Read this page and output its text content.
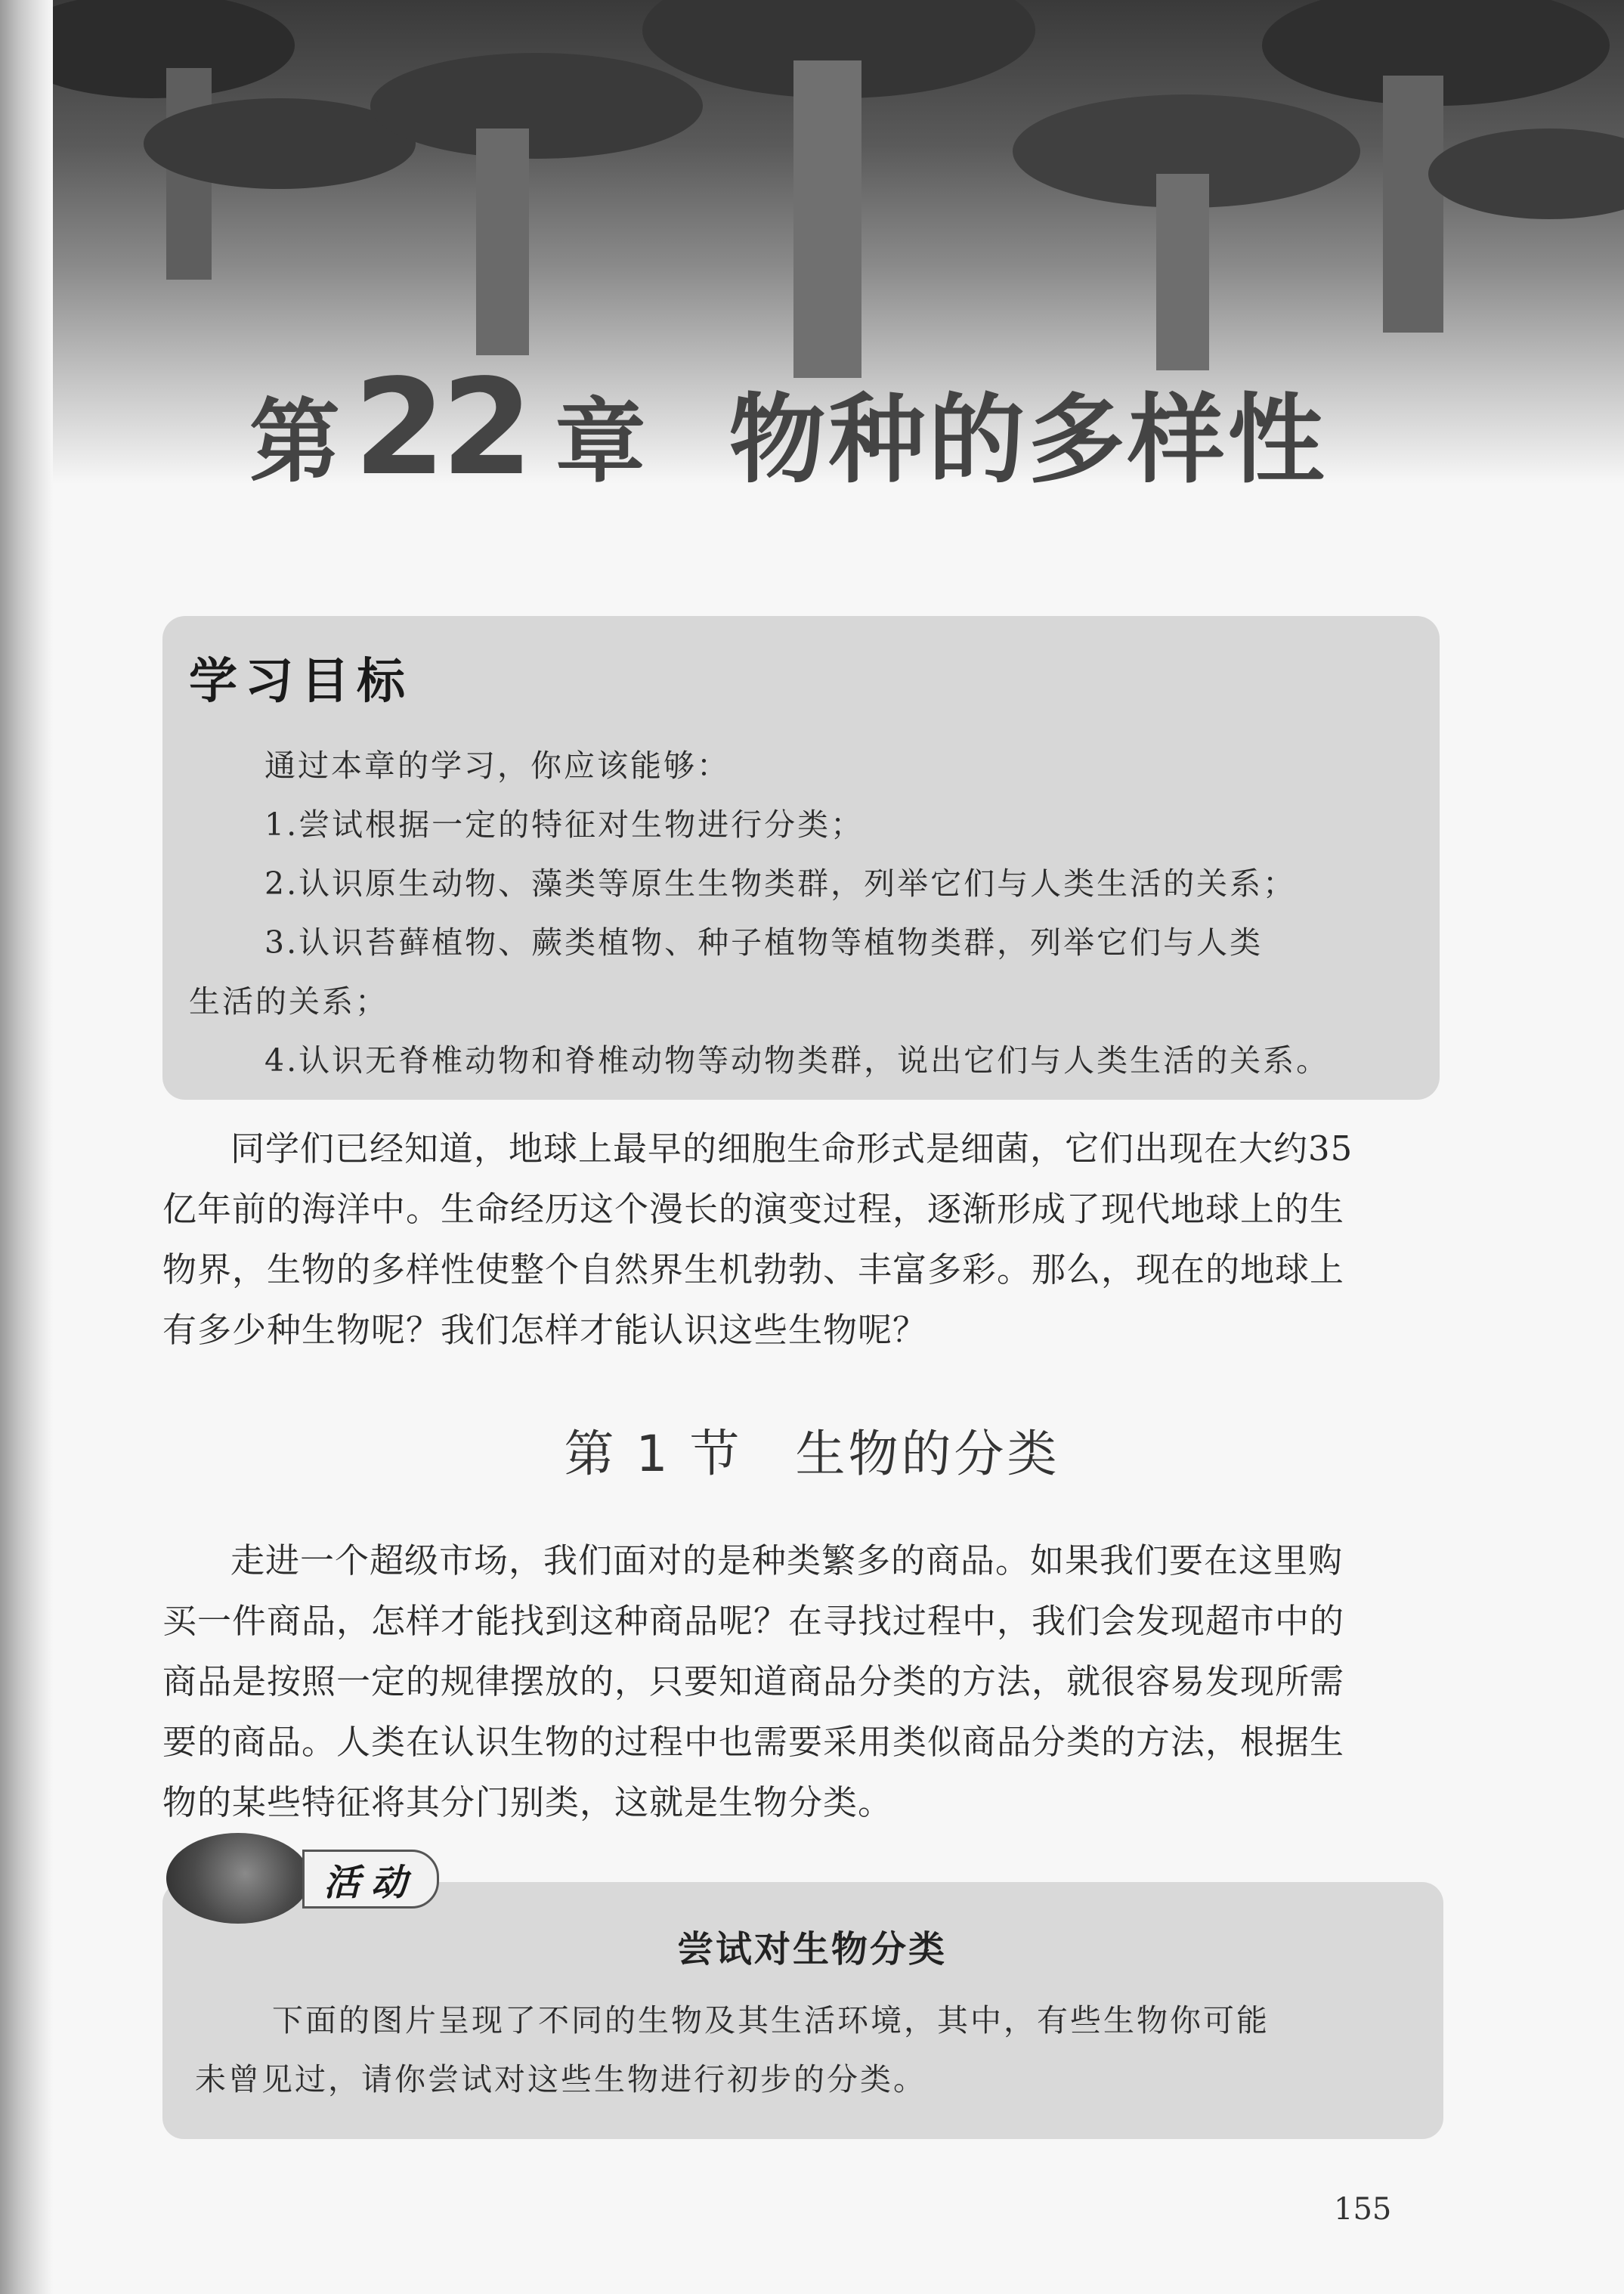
第 22 章 物种的多样性
学习目标
通过本章的学习，你应该能够：
1.尝试根据一定的特征对生物进行分类；
2.认识原生动物、藻类等原生生物类群，列举它们与人类生活的关系；
3.认识苔藓植物、蕨类植物、种子植物等植物类群，列举它们与人类
生活的关系；
4.认识无脊椎动物和脊椎动物等动物类群，说出它们与人类生活的关系。
同学们已经知道，地球上最早的细胞生命形式是细菌，它们出现在大约35
亿年前的海洋中。生命经历这个漫长的演变过程，逐渐形成了现代地球上的生
物界，生物的多样性使整个自然界生机勃勃、丰富多彩。那么，现在的地球上
有多少种生物呢？我们怎样才能认识这些生物呢？
第 1 节 生物的分类
走进一个超级市场，我们面对的是种类繁多的商品。如果我们要在这里购
买一件商品，怎样才能找到这种商品呢？在寻找过程中，我们会发现超市中的
商品是按照一定的规律摆放的，只要知道商品分类的方法，就很容易发现所需
要的商品。人类在认识生物的过程中也需要采用类似商品分类的方法，根据生
物的某些特征将其分门别类，这就是生物分类。
活动
尝试对生物分类
下面的图片呈现了不同的生物及其生活环境，其中，有些生物你可能
未曾见过，请你尝试对这些生物进行初步的分类。
155
